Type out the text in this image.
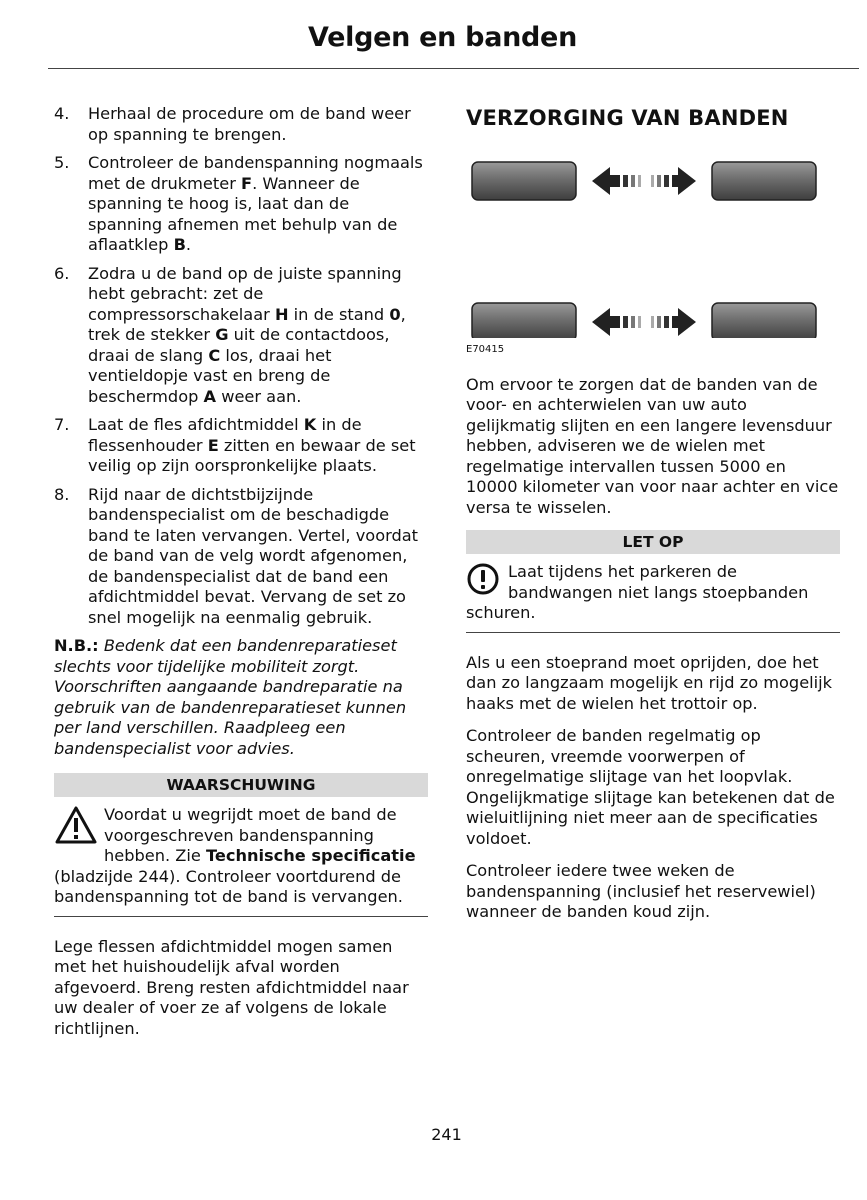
Velgen en banden
4.	Herhaal de procedure om de band weer op spanning te brengen.
5.	Controleer de bandenspanning nogmaals met de drukmeter F. Wanneer de spanning te hoog is, laat dan de spanning afnemen met behulp van de aflaatklep B.
6.	Zodra u de band op de juiste spanning hebt gebracht: zet de compressorschakelaar H in de stand 0, trek de stekker G uit de contactdoos, draai de slang C los, draai het ventieldopje vast en breng de beschermdop A weer aan.
7.	Laat de fles afdichtmiddel K in de flessenhouder E zitten en bewaar de set veilig op zijn oorspronkelijke plaats.
8.	Rijd naar de dichtstbijzijnde bandenspecialist om de beschadigde band te laten vervangen. Vertel, voordat de band van de velg wordt afgenomen, de bandenspecialist dat de band een afdichtmiddel bevat. Vervang de set zo snel mogelijk na eenmalig gebruik.
N.B.: Bedenk dat een bandenreparatieset slechts voor tijdelijke mobiliteit zorgt. Voorschriften aangaande bandreparatie na gebruik van de bandenreparatieset kunnen per land verschillen. Raadpleeg een bandenspecialist voor advies.
WAARSCHUWING
Voordat u wegrijdt moet de band de voorgeschreven bandenspanning hebben. Zie Technische specificatie (bladzijde 244). Controleer voortdurend de bandenspanning tot de band is vervangen.
Lege flessen afdichtmiddel mogen samen met het huishoudelijk afval worden afgevoerd. Breng resten afdichtmiddel naar uw dealer of voer ze af volgens de lokale richtlijnen.
VERZORGING VAN BANDEN
E70415
Om ervoor te zorgen dat de banden van de voor- en achterwielen van uw auto gelijkmatig slijten en een langere levensduur hebben, adviseren we de wielen met regelmatige intervallen tussen 5000 en 10000 kilometer van voor naar achter en vice versa te wisselen.
LET OP
Laat tijdens het parkeren de bandwangen niet langs stoepbanden schuren.
Als u een stoeprand moet oprijden, doe het dan zo langzaam mogelijk en rijd zo mogelijk haaks met de wielen het trottoir op.
Controleer de banden regelmatig op scheuren, vreemde voorwerpen of onregelmatige slijtage van het loopvlak. Ongelijkmatige slijtage kan betekenen dat de wieluitlijning niet meer aan de specificaties voldoet.
Controleer iedere twee weken de bandenspanning (inclusief het reservewiel) wanneer de banden koud zijn.
241
